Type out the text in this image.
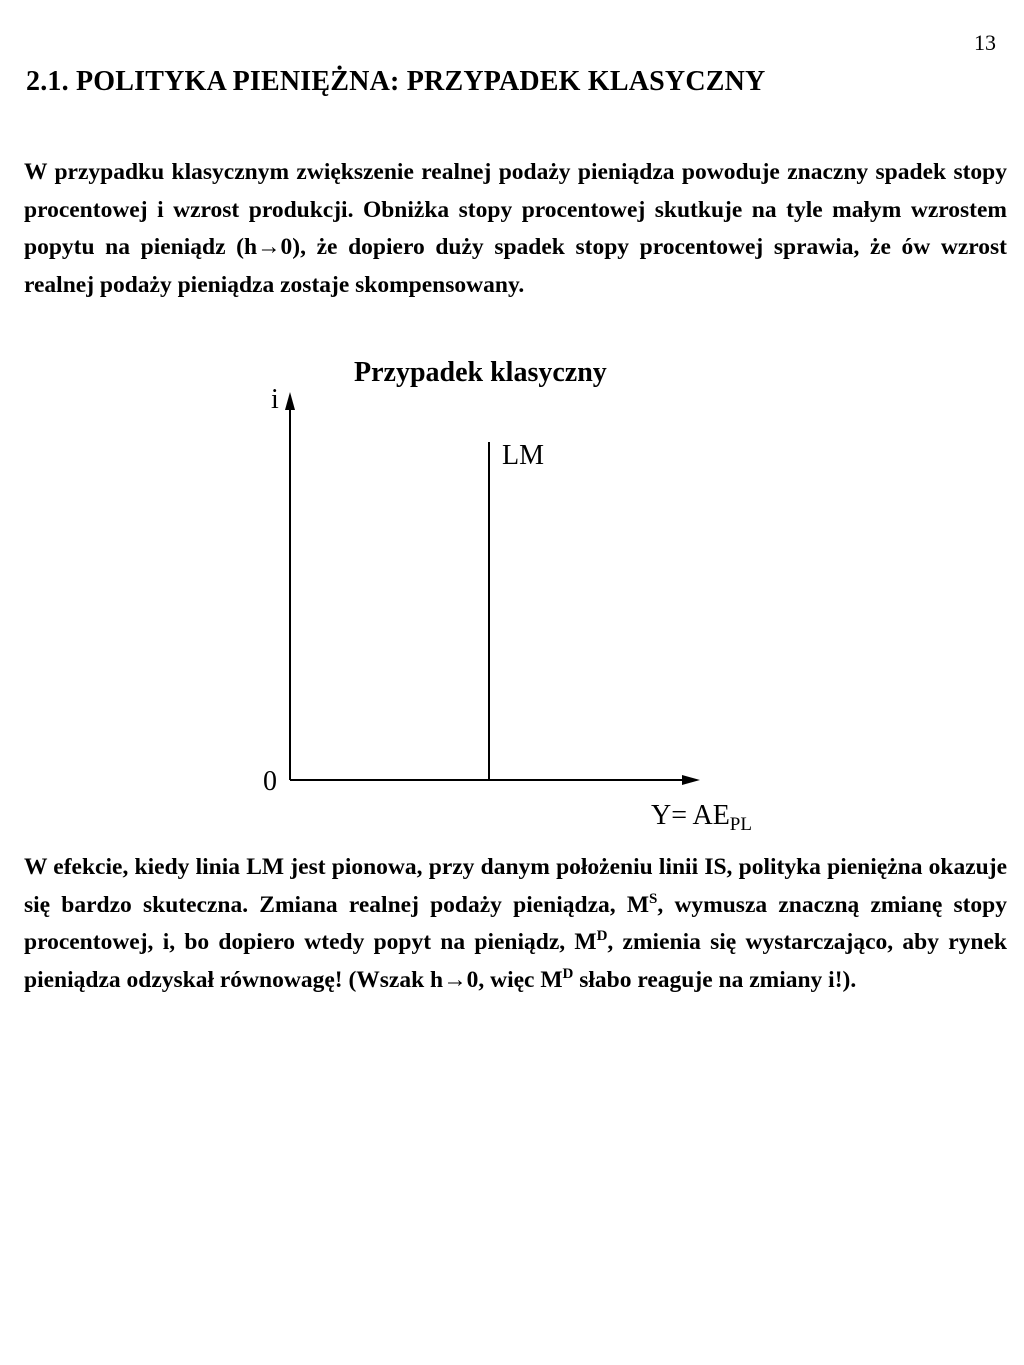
13
2.1. POLITYKA PIENIĘŻNA: PRZYPADEK KLASYCZNY

W przypadku klasycznym zwiększenie realnej podaży pieniądza powoduje znaczny spadek stopy procentowej i wzrost produkcji. Obniżka stopy procentowej skutkuje na tyle małym wzrostem popytu na pieniądz (h→0), że dopiero duży spadek stopy procentowej sprawia, że ów wzrost realnej podaży pieniądza zostaje skompensowany.

Przypadek klasyczny
i
0
LM
$Y= AE_{PL}$

W efekcie, kiedy linia LM jest pionowa, przy danym położeniu linii IS, polityka pieniężna okazuje się bardzo skuteczna. Zmiana realnej podaży pieniądza, $M^S$, wymusza znaczną zmianę stopy procentowej, i, bo dopiero wtedy popyt na pieniądz, $M^D$, zmienia się wystarczająco, aby rynek pieniądza odzyskał równowagę! (Wszak h→0, więc $M^D$ słabo reaguje na zmiany i!).
